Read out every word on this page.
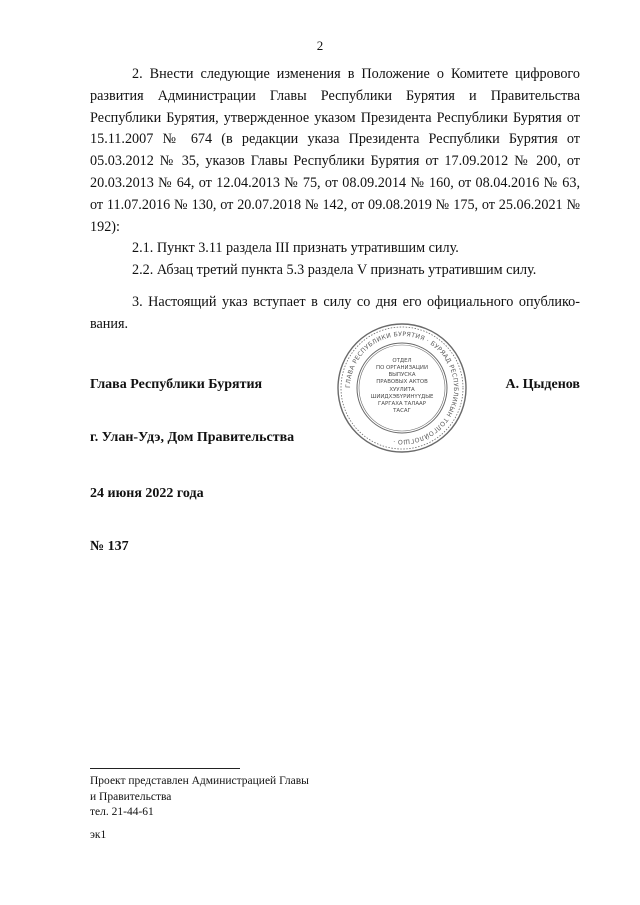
2

2. Внести следующие изменения в Положение о Комитете цифрового развития Администрации Главы Республики Бурятия и Правительства Республики Бурятия, утвержденное указом Президента Республики Бурятия от 15.11.2007 № 674 (в редакции указа Президента Республики Бурятия от 05.03.2012 № 35, указов Главы Республики Бурятия от 17.09.2012 № 200, от 20.03.2013 № 64, от 12.04.2013 № 75, от 08.09.2014 № 160, от 08.04.2016 № 63, от 11.07.2016 № 130, от 20.07.2018 № 142, от 09.08.2019 № 175, от 25.06.2021 № 192):

2.1. Пункт 3.11 раздела III признать утратившим силу.

2.2. Абзац третий пункта 5.3 раздела V признать утратившим силу.

3. Настоящий указ вступает в силу со дня его официального опубликования.

ГЛАВА РЕСПУБЛИКИ БУРЯТИЯ · БУРЯАД РЕСПУБЛИКЫН ТОЛГОЙЛОГШО ·
ОТДЕЛ
ПО ОРГАНИЗАЦИИ
ВЫПУСКА
ПРАВОВЫХ АКТОВ
ХУУЛИТА
ШИИДХЭБҮРИНҮҮДЫЕ
ГАРГАХА ТАЛААР
ТАСАГ
Глава Республики Бурятия	А. Цыденов
г. Улан-Удэ, Дом Правительства
24 июня 2022 года
№ 137
Проект представлен Администрацией Главы
и Правительства
тел. 21-44-61
эк1
